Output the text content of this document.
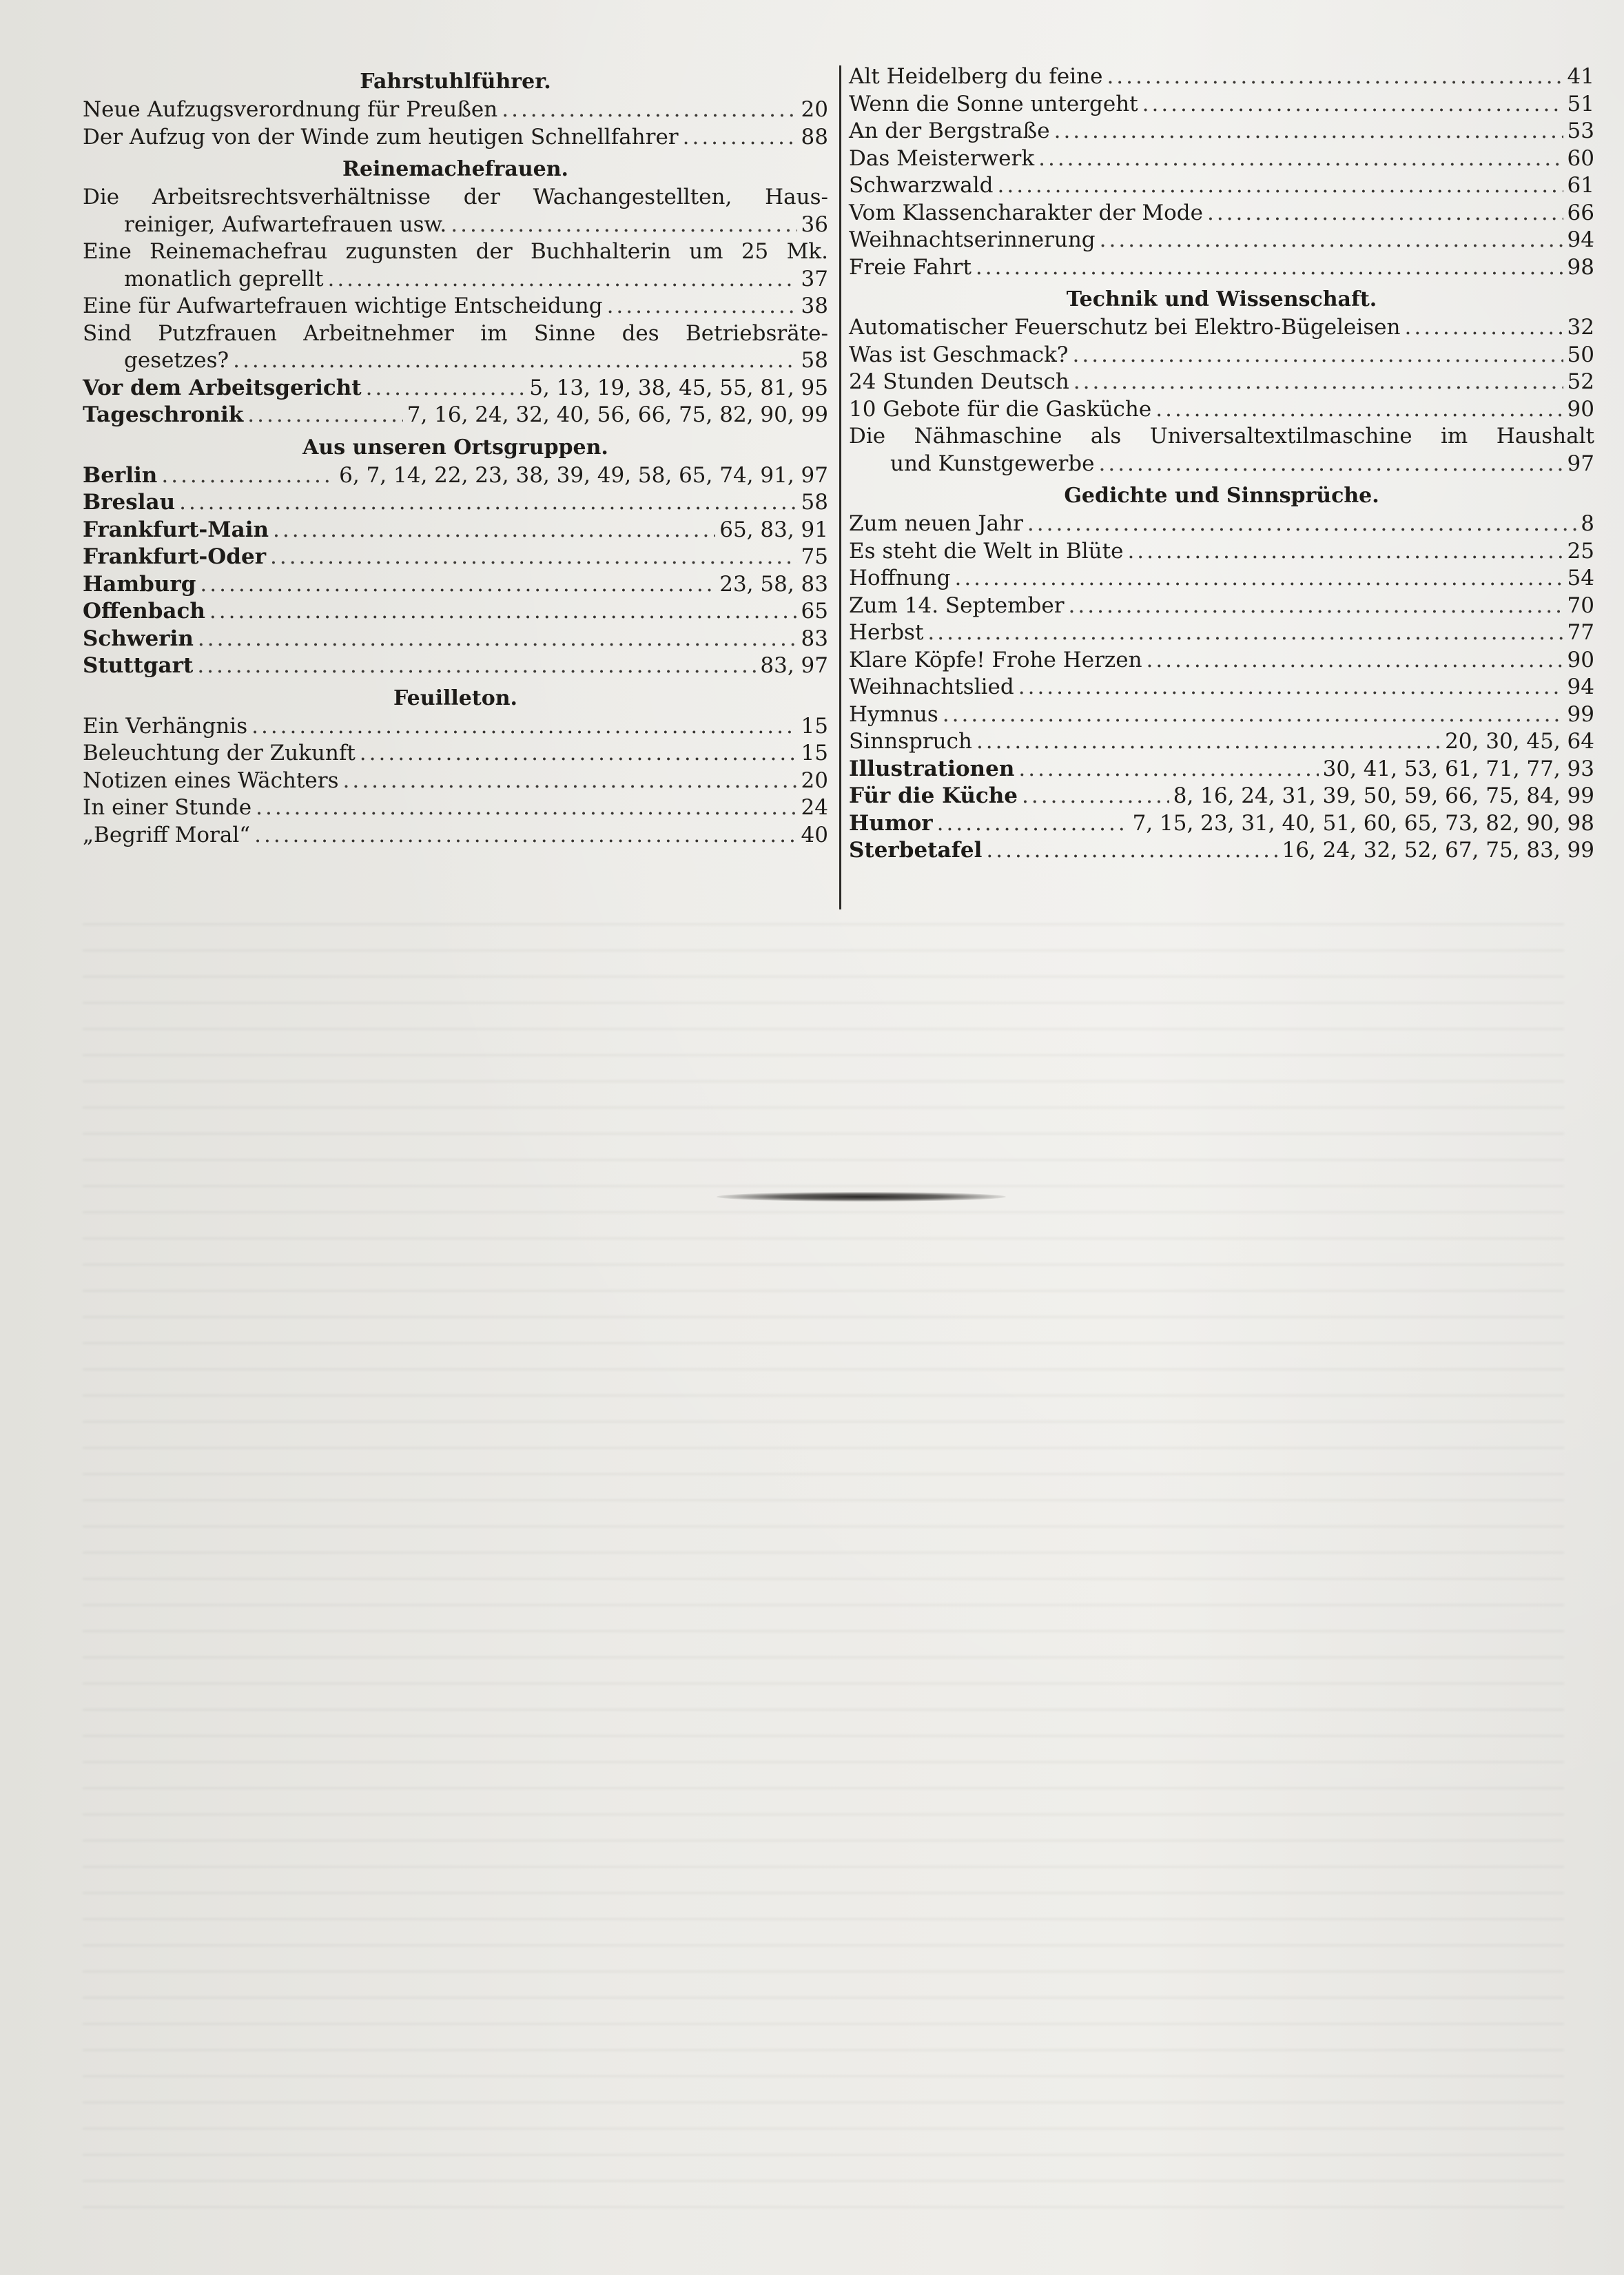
Fahrstuhlführer.
Neue Aufzugsverordnung für Preußen .....	20
Der Aufzug von der Winde zum heutigen Schnellfahrer .....	88
Reinemachefrauen.
Die Arbeitsrechtsverhältnisse der Wachangestellten, Haus-
reiniger, Aufwartefrauen usw. .....	36
Eine Reinemachefrau zugunsten der Buchhalterin um 25 Mk.
monatlich geprellt .....	37
Eine für Aufwartefrauen wichtige Entscheidung .....	38
Sind Putzfrauen Arbeitnehmer im Sinne des Betriebsräte-
gesetzes? .....	58
Vor dem Arbeitsgericht .....	5, 13, 19, 38, 45, 55, 81, 95
Tageschronik .....	7, 16, 24, 32, 40, 56, 66, 75, 82, 90, 99
Aus unseren Ortsgruppen.
Berlin .....	6, 7, 14, 22, 23, 38, 39, 49, 58, 65, 74, 91, 97
Breslau .....	58
Frankfurt-Main .....	65, 83, 91
Frankfurt-Oder .....	75
Hamburg .....	23, 58, 83
Offenbach .....	65
Schwerin .....	83
Stuttgart .....	83, 97
Feuilleton.
Ein Verhängnis .....	15
Beleuchtung der Zukunft .....	15
Notizen eines Wächters .....	20
In einer Stunde .....	24
„Begriff Moral“ .....	40
Alt Heidelberg du feine .....	41
Wenn die Sonne untergeht .....	51
An der Bergstraße .....	53
Das Meisterwerk .....	60
Schwarzwald .....	61
Vom Klassencharakter der Mode .....	66
Weihnachtserinnerung .....	94
Freie Fahrt .....	98
Technik und Wissenschaft.
Automatischer Feuerschutz bei Elektro-Bügeleisen .....	32
Was ist Geschmack? .....	50
24 Stunden Deutsch .....	52
10 Gebote für die Gasküche .....	90
Die Nähmaschine als Universaltextilmaschine im Haushalt
und Kunstgewerbe .....	97
Gedichte und Sinnsprüche.
Zum neuen Jahr .....	8
Es steht die Welt in Blüte .....	25
Hoffnung .....	54
Zum 14. September .....	70
Herbst .....	77
Klare Köpfe! Frohe Herzen .....	90
Weihnachtslied .....	94
Hymnus .....	99
Sinnspruch .....	20, 30, 45, 64
Illustrationen .....	30, 41, 53, 61, 71, 77, 93
Für die Küche .....	8, 16, 24, 31, 39, 50, 59, 66, 75, 84, 99
Humor .....	7, 15, 23, 31, 40, 51, 60, 65, 73, 82, 90, 98
Sterbetafel .....	16, 24, 32, 52, 67, 75, 83, 99
